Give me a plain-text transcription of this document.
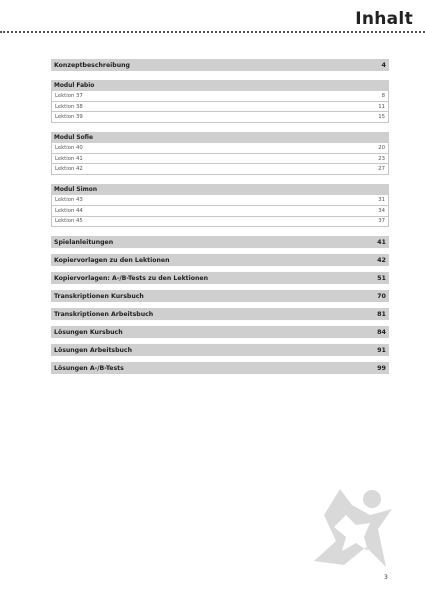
Inhalt
Konzeptbeschreibung	4
Modul Fabio
Lektion 37	8
Lektion 38	11
Lektion 39	15
Modul Sofie
Lektion 40	20
Lektion 41	23
Lektion 42	27
Modul Simon
Lektion 43	31
Lektion 44	34
Lektion 45	37
Spielanleitungen	41
Kopiervorlagen zu den Lektionen	42
Kopiervorlagen: A-/B-Tests zu den Lektionen	51
Transkriptionen Kursbuch	70
Transkriptionen Arbeitsbuch	81
Lösungen Kursbuch	84
Lösungen Arbeitsbuch	91
Lösungen A-/B-Tests	99
3
